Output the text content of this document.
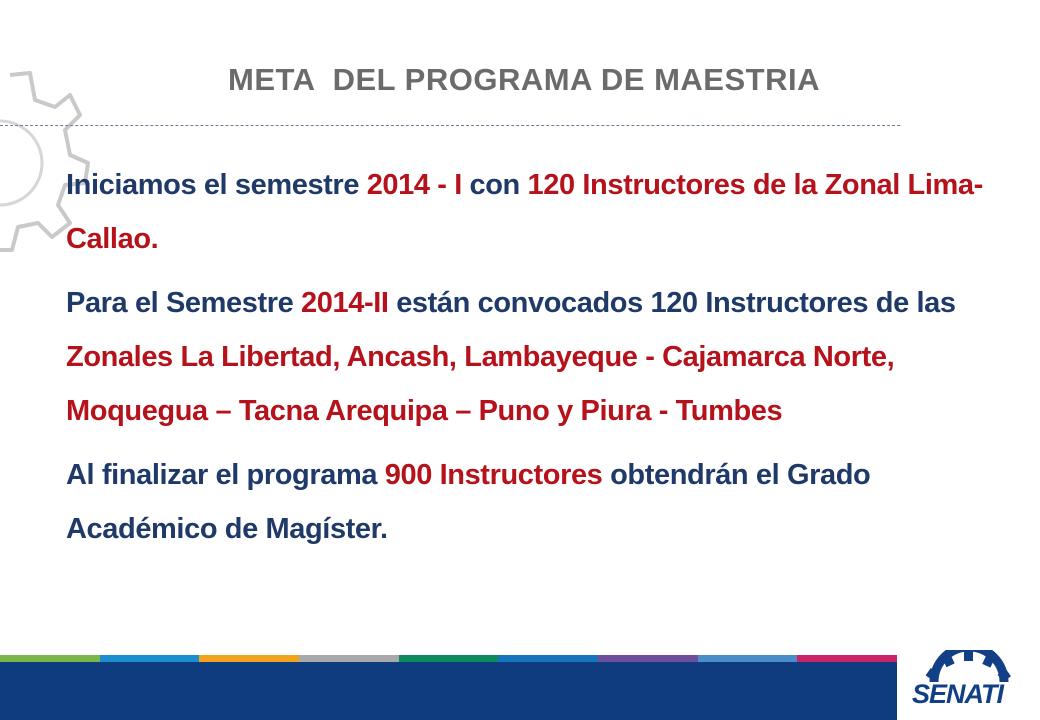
META  DEL PROGRAMA DE MAESTRIA

Iniciamos el semestre 2014 - I con 120 Instructores de la Zonal Lima-Callao.

Para el Semestre 2014-II están convocados 120 Instructores de las Zonales La Libertad, Ancash, Lambayeque - Cajamarca Norte, Moquegua – Tacna Arequipa – Puno y Piura - Tumbes

Al finalizar el programa 900 Instructores obtendrán el Grado Académico de Magíster.

SENATI
